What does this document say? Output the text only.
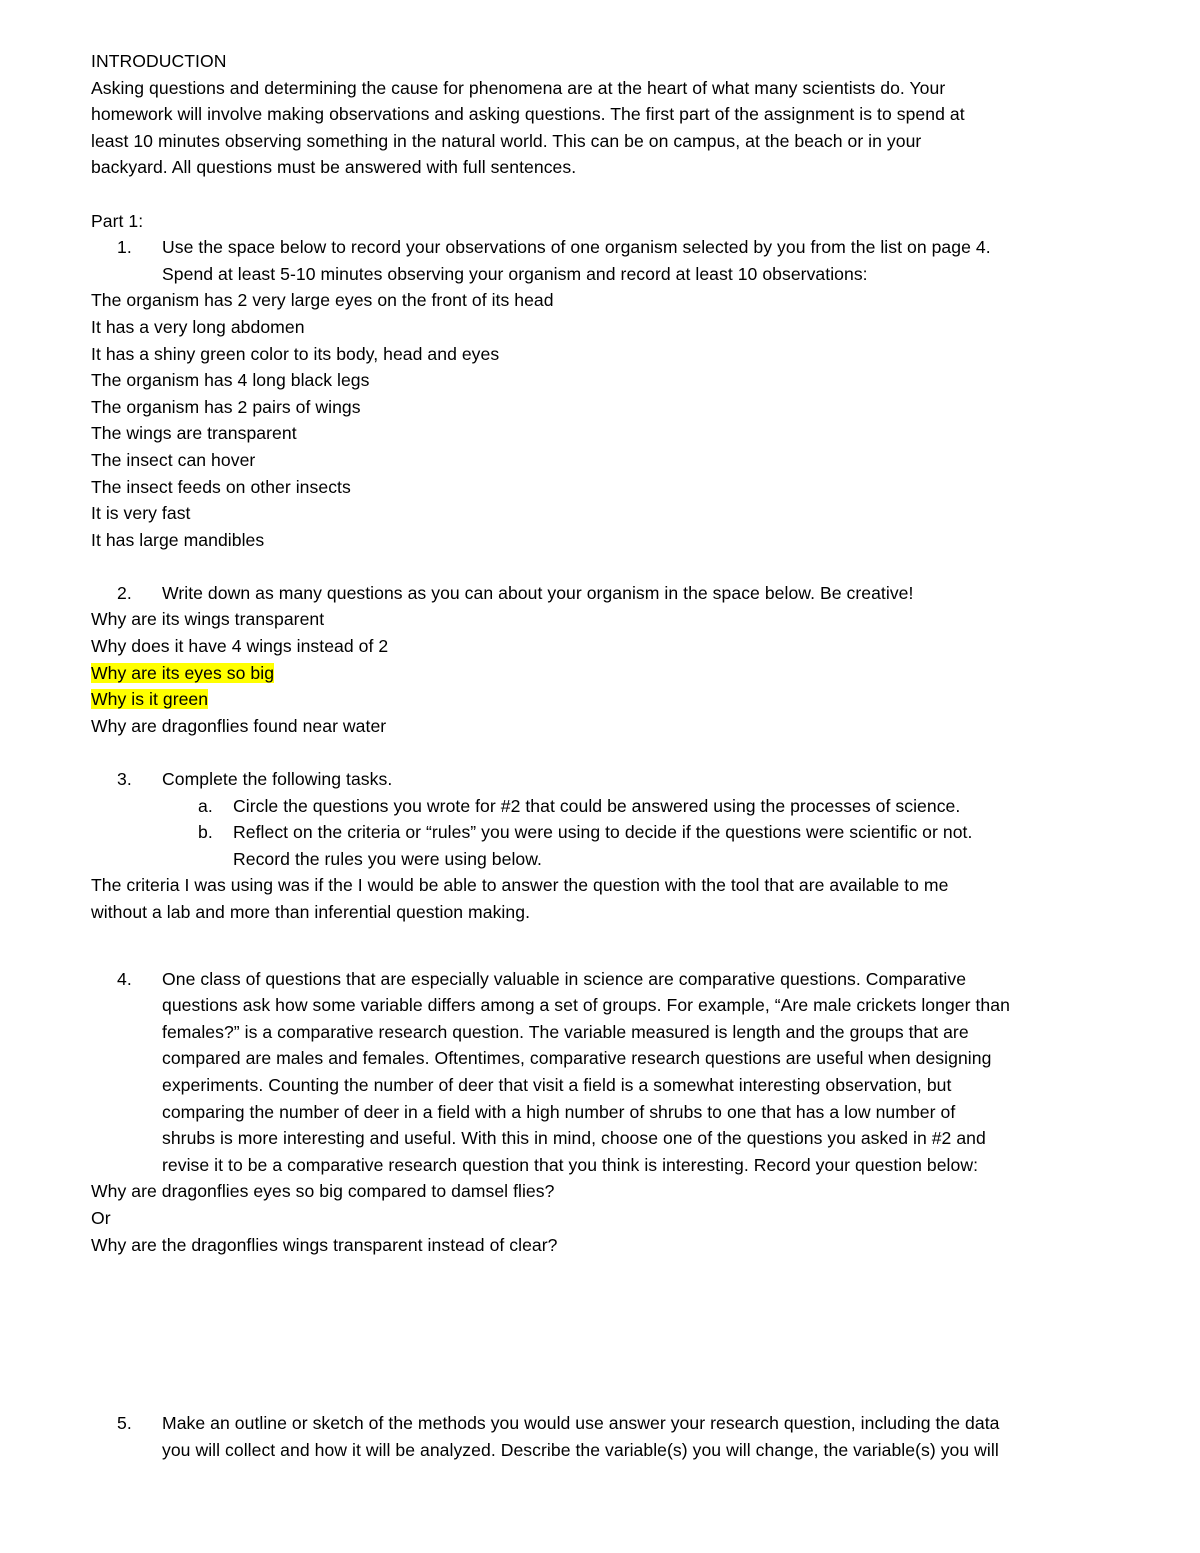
INTRODUCTION
Asking questions and determining the cause for phenomena are at the heart of what many scientists do. Your
homework will involve making observations and asking questions. The first part of the assignment is to spend at
least 10 minutes observing something in the natural world. This can be on campus, at the beach or in your
backyard. All questions must be answered with full sentences.
Part 1:
1. Use the space below to record your observations of one organism selected by you from the list on page 4.
Spend at least 5-10 minutes observing your organism and record at least 10 observations:
The organism has 2 very large eyes on the front of its head
It has a very long abdomen
It has a shiny green color to its body, head and eyes
The organism has 4 long black legs
The organism has 2 pairs of wings
The wings are transparent
The insect can hover
The insect feeds on other insects
It is very fast
It has large mandibles
2. Write down as many questions as you can about your organism in the space below. Be creative!
Why are its wings transparent
Why does it have 4 wings instead of 2
Why are its eyes so big
Why is it green
Why are dragonflies found near water
3. Complete the following tasks.
a. Circle the questions you wrote for #2 that could be answered using the processes of science.
b. Reflect on the criteria or “rules” you were using to decide if the questions were scientific or not.
Record the rules you were using below.
The criteria I was using was if the I would be able to answer the question with the tool that are available to me
without a lab and more than inferential question making.
4. One class of questions that are especially valuable in science are comparative questions. Comparative
questions ask how some variable differs among a set of groups. For example, “Are male crickets longer than
females?” is a comparative research question. The variable measured is length and the groups that are
compared are males and females. Oftentimes, comparative research questions are useful when designing
experiments. Counting the number of deer that visit a field is a somewhat interesting observation, but
comparing the number of deer in a field with a high number of shrubs to one that has a low number of
shrubs is more interesting and useful. With this in mind, choose one of the questions you asked in #2 and
revise it to be a comparative research question that you think is interesting. Record your question below:
Why are dragonflies eyes so big compared to damsel flies?
Or
Why are the dragonflies wings transparent instead of clear?
5. Make an outline or sketch of the methods you would use answer your research question, including the data
you will collect and how it will be analyzed. Describe the variable(s) you will change, the variable(s) you will
